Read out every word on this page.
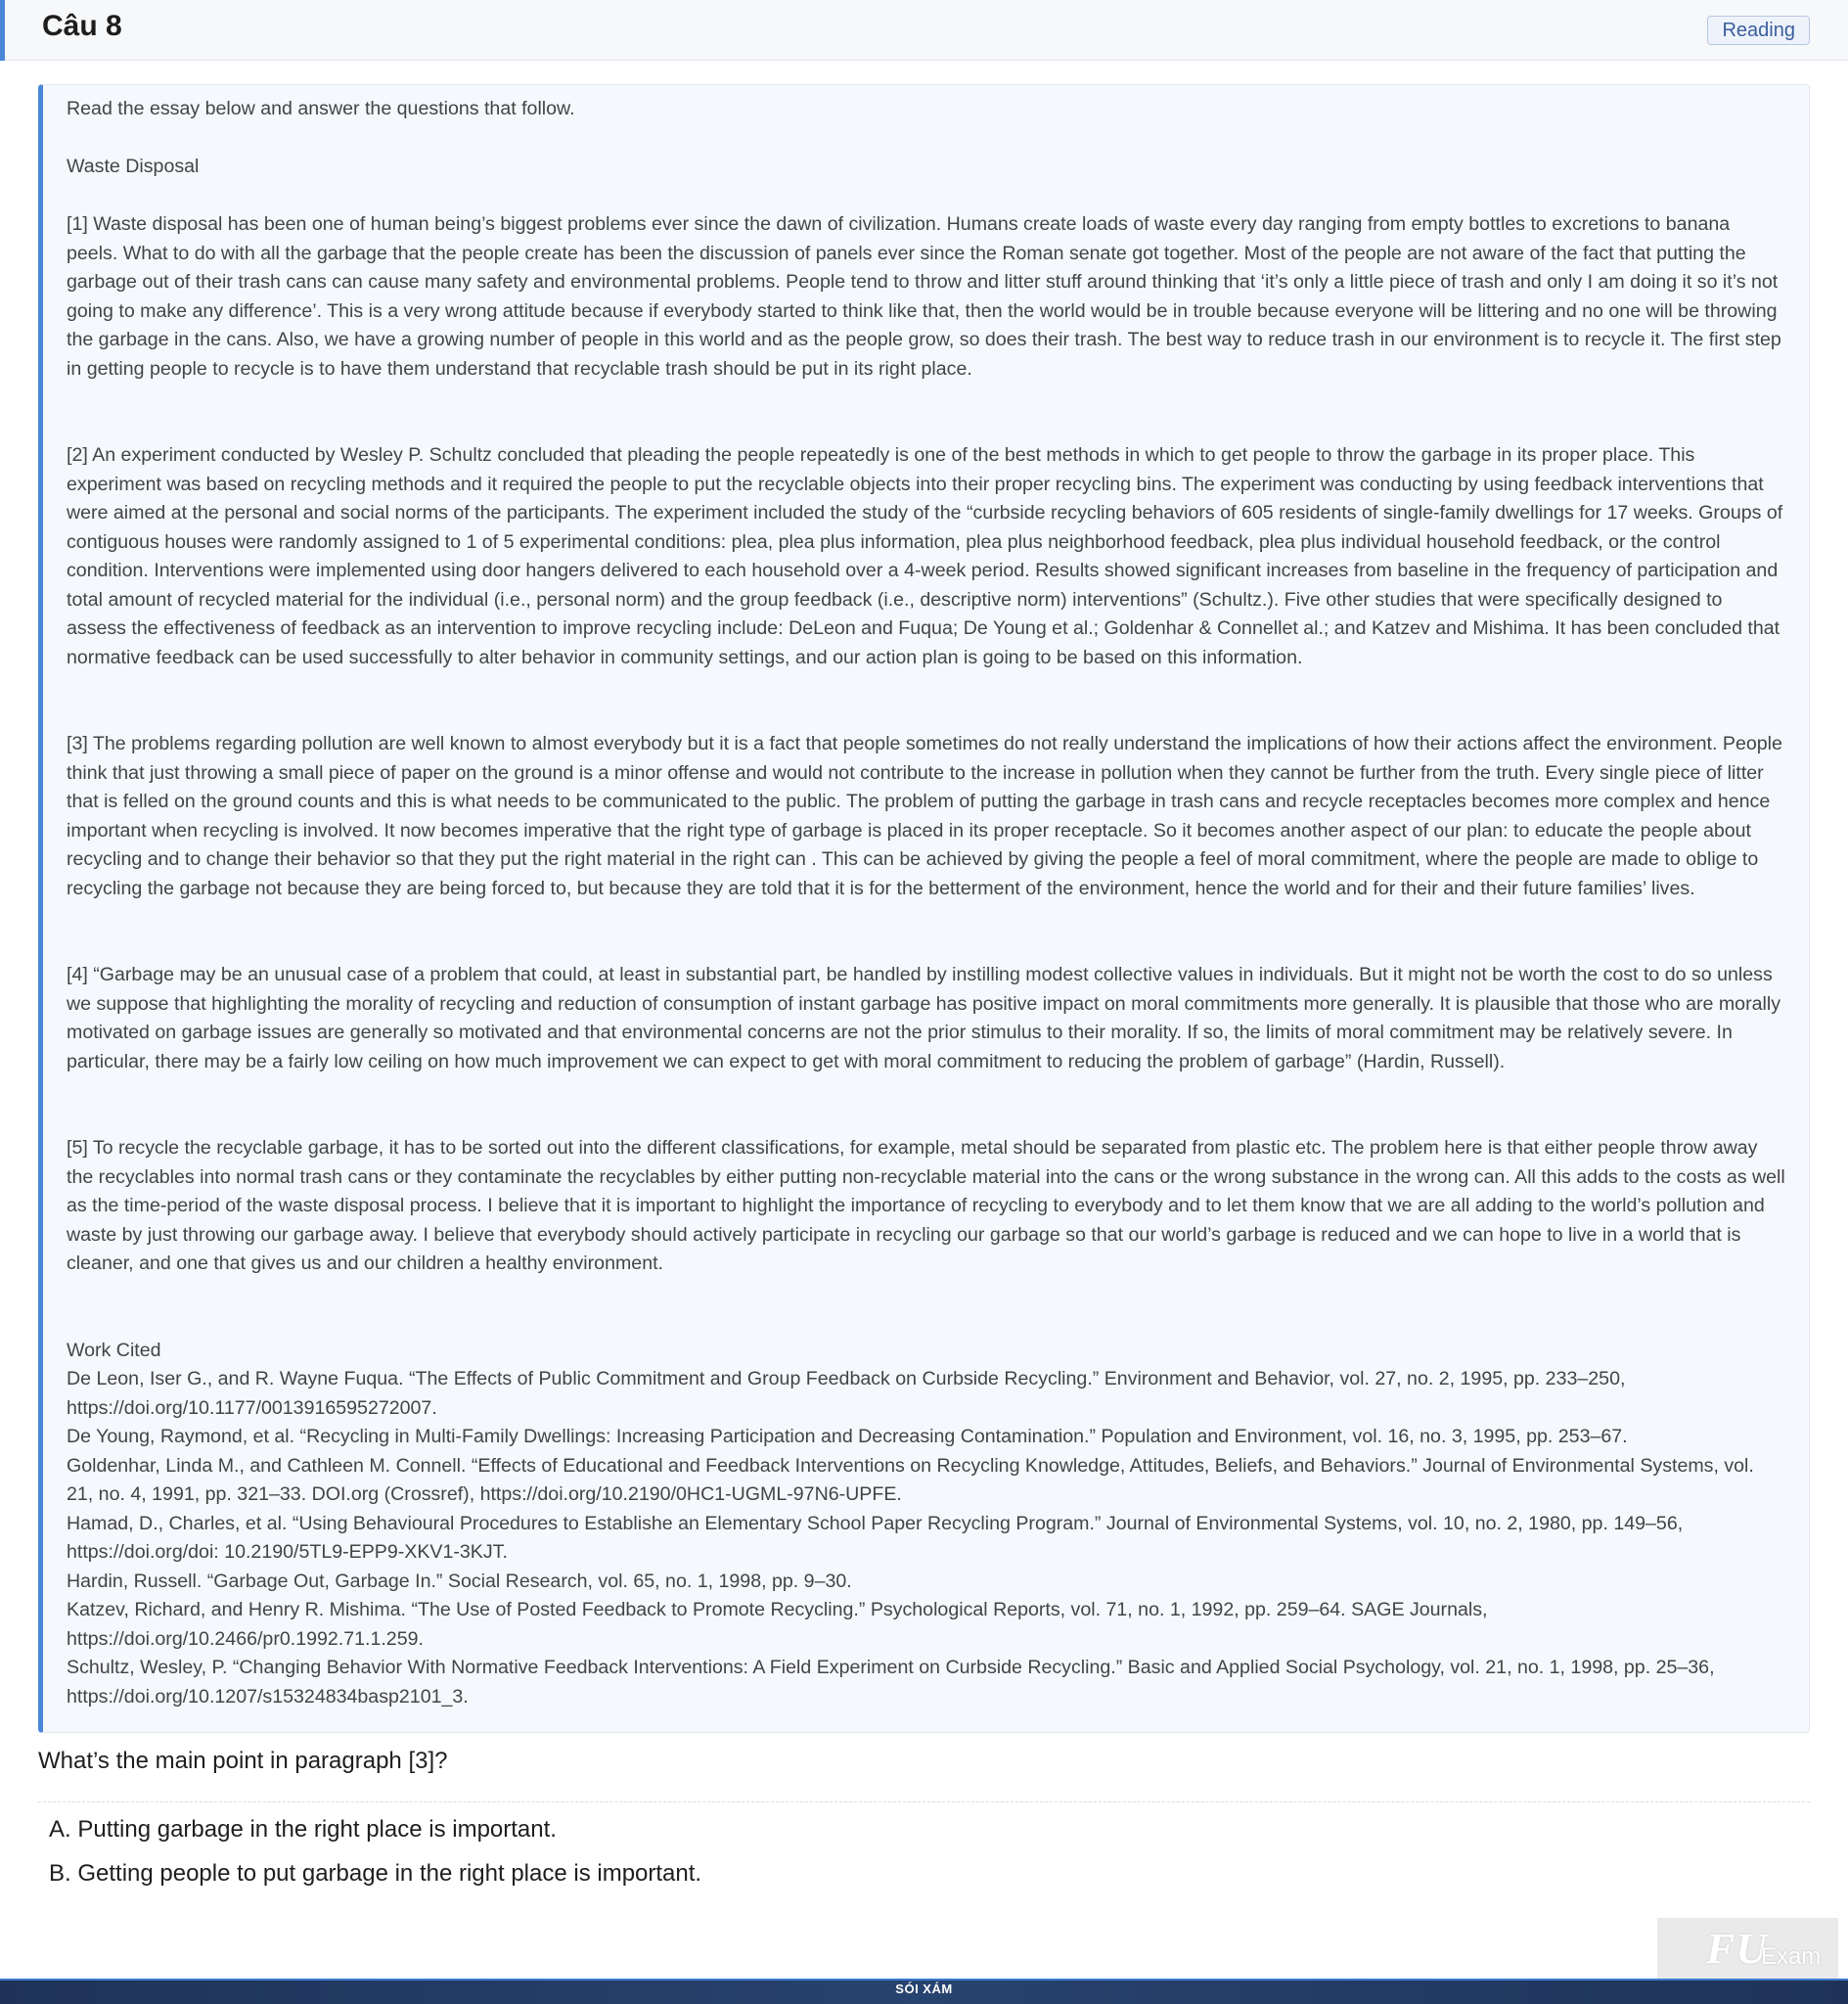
Câu 8	Reading

Read the essay below and answer the questions that follow.

Waste Disposal

[1] Waste disposal has been one of human being’s biggest problems ever since the dawn of civilization. Humans create loads of waste every day ranging from empty bottles to excretions to banana peels. What to do with all the garbage that the people create has been the discussion of panels ever since the Roman senate got together. Most of the people are not aware of the fact that putting the garbage out of their trash cans can cause many safety and environmental problems. People tend to throw and litter stuff around thinking that ‘it’s only a little piece of trash and only I am doing it so it’s not going to make any difference’. This is a very wrong attitude because if everybody started to think like that, then the world would be in trouble because everyone will be littering and no one will be throwing the garbage in the cans. Also, we have a growing number of people in this world and as the people grow, so does their trash. The best way to reduce trash in our environment is to recycle it. The first step in getting people to recycle is to have them understand that recyclable trash should be put in its right place.

[2] An experiment conducted by Wesley P. Schultz concluded that pleading the people repeatedly is one of the best methods in which to get people to throw the garbage in its proper place. This experiment was based on recycling methods and it required the people to put the recyclable objects into their proper recycling bins. The experiment was conducting by using feedback interventions that were aimed at the personal and social norms of the participants. The experiment included the study of the “curbside recycling behaviors of 605 residents of single-family dwellings for 17 weeks. Groups of contiguous houses were randomly assigned to 1 of 5 experimental conditions: plea, plea plus information, plea plus neighborhood feedback, plea plus individual household feedback, or the control condition. Interventions were implemented using door hangers delivered to each household over a 4-week period. Results showed significant increases from baseline in the frequency of participation and total amount of recycled material for the individual (i.e., personal norm) and the group feedback (i.e., descriptive norm) interventions” (Schultz.). Five other studies that were specifically designed to assess the effectiveness of feedback as an intervention to improve recycling include: DeLeon and Fuqua; De Young et al.; Goldenhar & Connellet al.; and Katzev and Mishima. It has been concluded that normative feedback can be used successfully to alter behavior in community settings, and our action plan is going to be based on this information.

[3] The problems regarding pollution are well known to almost everybody but it is a fact that people sometimes do not really understand the implications of how their actions affect the environment. People think that just throwing a small piece of paper on the ground is a minor offense and would not contribute to the increase in pollution when they cannot be further from the truth. Every single piece of litter that is felled on the ground counts and this is what needs to be communicated to the public. The problem of putting the garbage in trash cans and recycle receptacles becomes more complex and hence important when recycling is involved. It now becomes imperative that the right type of garbage is placed in its proper receptacle. So it becomes another aspect of our plan: to educate the people about recycling and to change their behavior so that they put the right material in the right can . This can be achieved by giving the people a feel of moral commitment, where the people are made to oblige to recycling the garbage not because they are being forced to, but because they are told that it is for the betterment of the environment, hence the world and for their and their future families’ lives.

[4] “Garbage may be an unusual case of a problem that could, at least in substantial part, be handled by instilling modest collective values in individuals. But it might not be worth the cost to do so unless we suppose that highlighting the morality of recycling and reduction of consumption of instant garbage has positive impact on moral commitments more generally. It is plausible that those who are morally motivated on garbage issues are generally so motivated and that environmental concerns are not the prior stimulus to their morality. If so, the limits of moral commitment may be relatively severe. In particular, there may be a fairly low ceiling on how much improvement we can expect to get with moral commitment to reducing the problem of garbage” (Hardin, Russell).

[5] To recycle the recyclable garbage, it has to be sorted out into the different classifications, for example, metal should be separated from plastic etc. The problem here is that either people throw away the recyclables into normal trash cans or they contaminate the recyclables by either putting non-recyclable material into the cans or the wrong substance in the wrong can. All this adds to the costs as well as the time-period of the waste disposal process. I believe that it is important to highlight the importance of recycling to everybody and to let them know that we are all adding to the world’s pollution and waste by just throwing our garbage away. I believe that everybody should actively participate in recycling our garbage so that our world’s garbage is reduced and we can hope to live in a world that is cleaner, and one that gives us and our children a healthy environment.

Work Cited

De Leon, Iser G., and R. Wayne Fuqua. “The Effects of Public Commitment and Group Feedback on Curbside Recycling.” Environment and Behavior, vol. 27, no. 2, 1995, pp. 233–250, https://doi.org/10.1177/0013916595272007.

De Young, Raymond, et al. “Recycling in Multi-Family Dwellings: Increasing Participation and Decreasing Contamination.” Population and Environment, vol. 16, no. 3, 1995, pp. 253–67.

Goldenhar, Linda M., and Cathleen M. Connell. “Effects of Educational and Feedback Interventions on Recycling Knowledge, Attitudes, Beliefs, and Behaviors.” Journal of Environmental Systems, vol. 21, no. 4, 1991, pp. 321–33. DOI.org (Crossref), https://doi.org/10.2190/0HC1-UGML-97N6-UPFE.

Hamad, D., Charles, et al. “Using Behavioural Procedures to Establishe an Elementary School Paper Recycling Program.” Journal of Environmental Systems, vol. 10, no. 2, 1980, pp. 149–56, https://doi.org/doi: 10.2190/5TL9-EPP9-XKV1-3KJT.

Hardin, Russell. “Garbage Out, Garbage In.” Social Research, vol. 65, no. 1, 1998, pp. 9–30.

Katzev, Richard, and Henry R. Mishima. “The Use of Posted Feedback to Promote Recycling.” Psychological Reports, vol. 71, no. 1, 1992, pp. 259–64. SAGE Journals, https://doi.org/10.2466/pr0.1992.71.1.259.

Schultz, Wesley, P. “Changing Behavior With Normative Feedback Interventions: A Field Experiment on Curbside Recycling.” Basic and Applied Social Psychology, vol. 21, no. 1, 1998, pp. 25–36, https://doi.org/10.1207/s15324834basp2101_3.

What’s the main point in paragraph [3]?
A. Putting garbage in the right place is important.
B. Getting people to put garbage in the right place is important.
FU
Exam
SÓI XÁM
